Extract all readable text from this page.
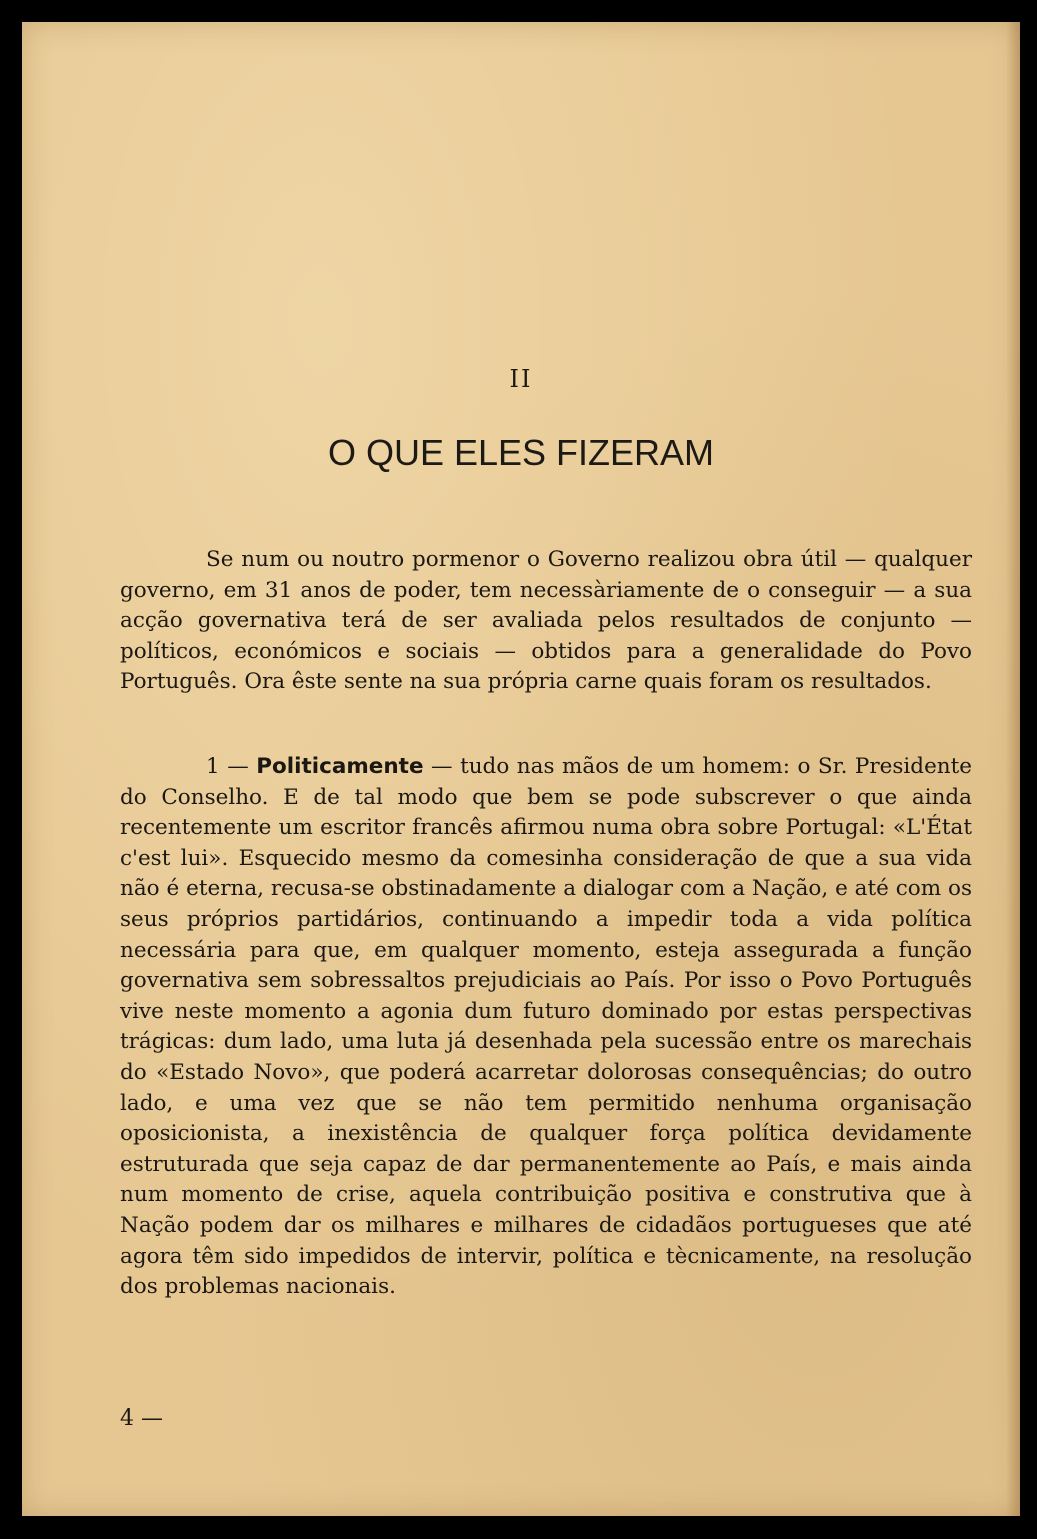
II
O QUE ELES FIZERAM

Se num ou noutro pormenor o Governo realizou obra útil — qualquer governo, em 31 anos de poder, tem necessàriamente de o conseguir — a sua acção governativa terá de ser avaliada pelos resultados de conjunto — políticos, económicos e sociais — obtidos para a generalidade do Povo Português. Ora êste sente na sua própria carne quais foram os resultados.

1 — Politicamente — tudo nas mãos de um homem: o Sr. Presidente do Conselho. E de tal modo que bem se pode subscrever o que ainda recentemente um escritor francês afirmou numa obra sobre Portugal: «L'État c'est lui». Esquecido mesmo da comesinha consideração de que a sua vida não é eterna, recusa-se obstinadamente a dialogar com a Nação, e até com os seus próprios partidários, continuando a impedir toda a vida política necessária para que, em qualquer momento, esteja assegurada a função governativa sem sobressaltos prejudiciais ao País. Por isso o Povo Português vive neste momento a agonia dum futuro dominado por estas perspectivas trágicas: dum lado, uma luta já desenhada pela sucessão entre os marechais do «Estado Novo», que poderá acarretar dolorosas consequências; do outro lado, e uma vez que se não tem permitido nenhuma organisação oposicionista, a inexistência de qualquer força política devidamente estruturada que seja capaz de dar permanentemente ao País, e mais ainda num momento de crise, aquela contribuição positiva e construtiva que à Nação podem dar os milhares e milhares de cidadãos portugueses que até agora têm sido impedidos de intervir, política e tècnicamente, na resolução dos problemas nacionais.

4 —
